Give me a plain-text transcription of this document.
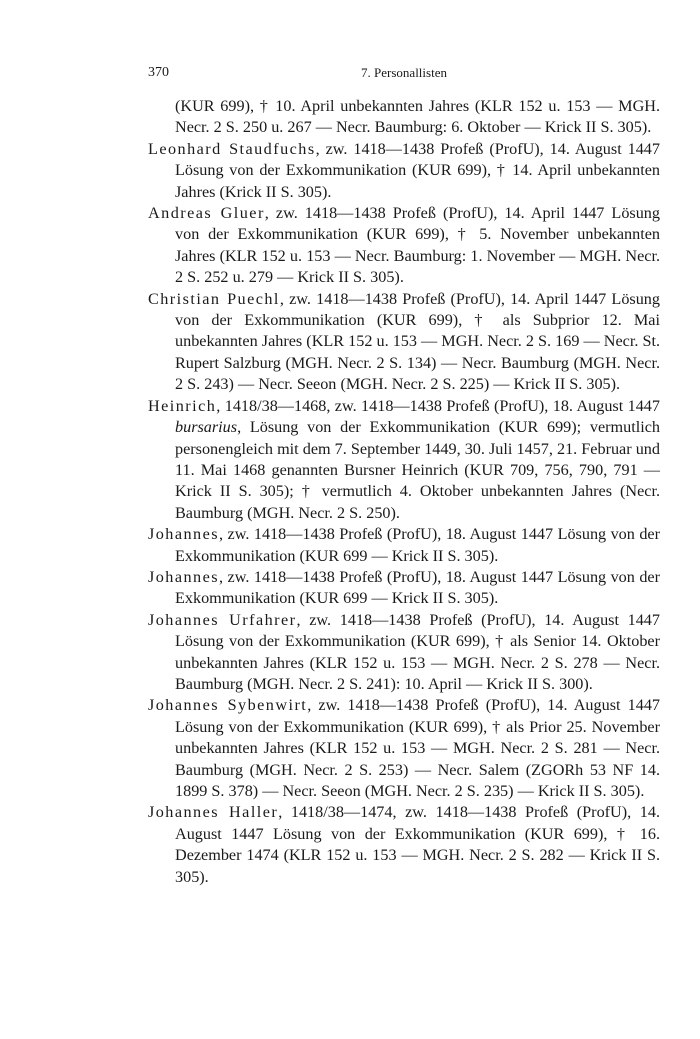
370	7. Personallisten

(KUR 699), † 10. April unbekannten Jahres (KLR 152 u. 153 — MGH. Necr. 2 S. 250 u. 267 — Necr. Baumburg: 6. Oktober — Krick II S. 305).

Leonhard Staudfuchs, zw. 1418—1438 Profeß (ProfU), 14. August 1447 Lösung von der Exkommunikation (KUR 699), † 14. April unbekannten Jahres (Krick II S. 305).

Andreas Gluer, zw. 1418—1438 Profeß (ProfU), 14. April 1447 Lösung von der Exkommunikation (KUR 699), † 5. November unbekannten Jahres (KLR 152 u. 153 — Necr. Baumburg: 1. November — MGH. Necr. 2 S. 252 u. 279 — Krick II S. 305).

Christian Puechl, zw. 1418—1438 Profeß (ProfU), 14. April 1447 Lösung von der Exkommunikation (KUR 699), † als Subprior 12. Mai unbekannten Jahres (KLR 152 u. 153 — MGH. Necr. 2 S. 169 — Necr. St. Rupert Salzburg (MGH. Necr. 2 S. 134) — Necr. Baumburg (MGH. Necr. 2 S. 243) — Necr. Seeon (MGH. Necr. 2 S. 225) — Krick II S. 305).

Heinrich, 1418/38—1468, zw. 1418—1438 Profeß (ProfU), 18. August 1447 bursarius, Lösung von der Exkommunikation (KUR 699); vermutlich personengleich mit dem 7. September 1449, 30. Juli 1457, 21. Februar und 11. Mai 1468 genannten Bursner Heinrich (KUR 709, 756, 790, 791 — Krick II S. 305); † vermutlich 4. Oktober unbekannten Jahres (Necr. Baumburg (MGH. Necr. 2 S. 250).

Johannes, zw. 1418—1438 Profeß (ProfU), 18. August 1447 Lösung von der Exkommunikation (KUR 699 — Krick II S. 305).

Johannes, zw. 1418—1438 Profeß (ProfU), 18. August 1447 Lösung von der Exkommunikation (KUR 699 — Krick II S. 305).

Johannes Urfahrer, zw. 1418—1438 Profeß (ProfU), 14. August 1447 Lösung von der Exkommunikation (KUR 699), † als Senior 14. Oktober unbekannten Jahres (KLR 152 u. 153 — MGH. Necr. 2 S. 278 — Necr. Baumburg (MGH. Necr. 2 S. 241): 10. April — Krick II S. 300).

Johannes Sybenwirt, zw. 1418—1438 Profeß (ProfU), 14. August 1447 Lösung von der Exkommunikation (KUR 699), † als Prior 25. November unbekannten Jahres (KLR 152 u. 153 — MGH. Necr. 2 S. 281 — Necr. Baumburg (MGH. Necr. 2 S. 253) — Necr. Salem (ZGORh 53 NF 14. 1899 S. 378) — Necr. Seeon (MGH. Necr. 2 S. 235) — Krick II S. 305).

Johannes Haller, 1418/38—1474, zw. 1418—1438 Profeß (ProfU), 14. August 1447 Lösung von der Exkommunikation (KUR 699), † 16. Dezember 1474 (KLR 152 u. 153 — MGH. Necr. 2 S. 282 — Krick II S. 305).
